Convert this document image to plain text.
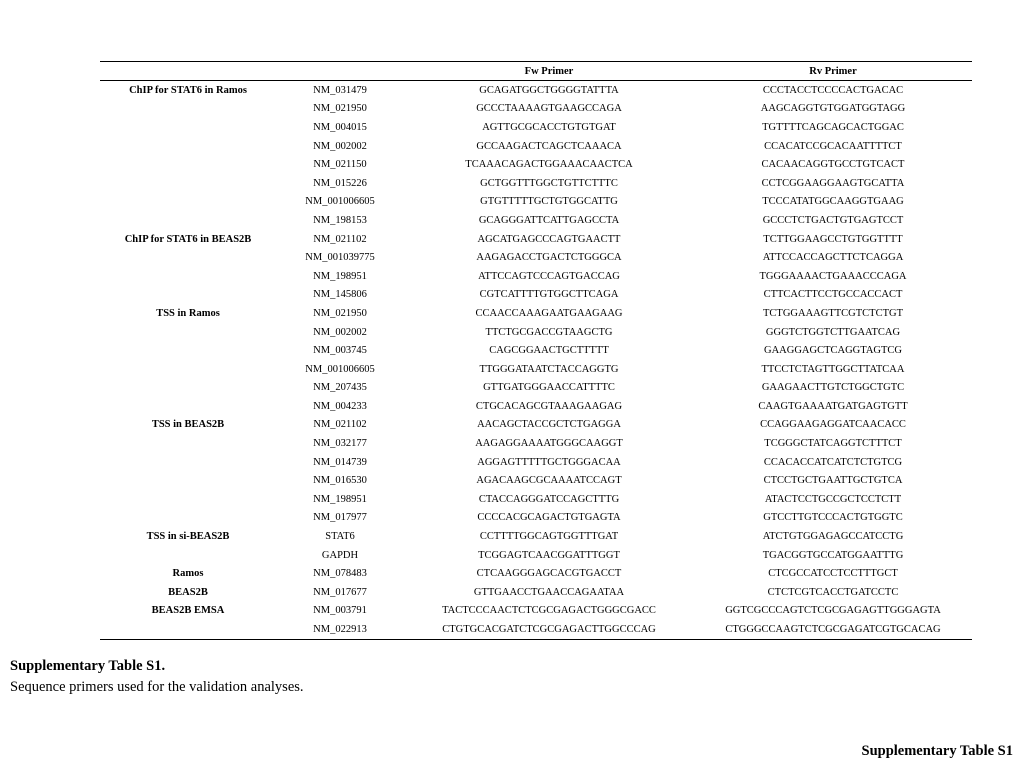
		Fw Primer	Rv Primer
ChIP for STAT6 in Ramos	NM_031479	GCAGATGGCTGGGGTATTTA	CCCTACCTCCCCACTGACAC
	NM_021950	GCCCTAAAAGTGAAGCCAGA	AAGCAGGTGTGGATGGTAGG
	NM_004015	AGTTGCGCACCTGTGTGAT	TGTTTTCAGCAGCACTGGAC
	NM_002002	GCCAAGACTCAGCTCAAACA	CCACATCCGCACAATTTTCT
	NM_021150	TCAAACAGACTGGAAACAACTCA	CACAACAGGTGCCTGTCACT
	NM_015226	GCTGGTTTGGCTGTTCTTTC	CCTCGGAAGGAAGTGCATTA
	NM_001006605	GTGTTTTTGCTGTGGCATTG	TCCCATATGGCAAGGTGAAG
	NM_198153	GCAGGGATTCATTGAGCCTA	GCCCTCTGACTGTGAGTCCT
ChIP for STAT6 in BEAS2B	NM_021102	AGCATGAGCCCAGTGAACTT	TCTTGGAAGCCTGTGGTTTT
	NM_001039775	AAGAGACCTGACTCTGGGCA	ATTCCACCAGCTTCTCAGGA
	NM_198951	ATTCCAGTCCCAGTGACCAG	TGGGAAAACTGAAACCCAGA
	NM_145806	CGTCATTTTGTGGCTTCAGA	CTTCACTTCCTGCCACCACT
TSS in Ramos	NM_021950	CCAACCAAAGAATGAAGAAG	TCTGGAAAGTTCGTCTCTGT
	NM_002002	TTCTGCGACCGTAAGCTG	GGGTCTGGTCTTGAATCAG
	NM_003745	CAGCGGAACTGCTTTTT	GAAGGAGCTCAGGTAGTCG
	NM_001006605	TTGGGATAATCTACCAGGTG	TTCCTCTAGTTGGCTTATCAA
	NM_207435	GTTGATGGGAACCATTTTC	GAAGAACTTGTCTGGCTGTC
	NM_004233	CTGCACAGCGTAAAGAAGAG	CAAGTGAAAATGATGAGTGTT
TSS in BEAS2B	NM_021102	AACAGCTACCGCTCTGAGGA	CCAGGAAGAGGATCAACACC
	NM_032177	AAGAGGAAAATGGGCAAGGT	TCGGGCTATCAGGTCTTTCT
	NM_014739	AGGAGTTTTTGCTGGGACAA	CCACACCATCATCTCTGTCG
	NM_016530	AGACAAGCGCAAAATCCAGT	CTCCTGCTGAATTGCTGTCA
	NM_198951	CTACCAGGGATCCAGCTTTG	ATACTCCTGCCGCTCCTCTT
	NM_017977	CCCCACGCAGACTGTGAGTA	GTCCTTGTCCCACTGTGGTC
TSS in si-BEAS2B	STAT6	CCTTTTGGCAGTGGTTTGAT	ATCTGTGGAGAGCCATCCTG
	GAPDH	TCGGAGTCAACGGATTTGGT	TGACGGTGCCATGGAATTTG
Ramos	NM_078483	CTCAAGGGAGCACGTGACCT	CTCGCCATCCTCCTTTGCT
BEAS2B	NM_017677	GTTGAACCTGAACCAGAATAA	CTCTCGTCACCTGATCCTC
BEAS2B EMSA	NM_003791	TACTCCCAACTCTCGCGAGACTGGGCGACC	GGTCGCCCAGTCTCGCGAGAGTTGGGAGTA
	NM_022913	CTGTGCACGATCTCGCGAGACTTGGCCCAG	CTGGGCCAAGTCTCGCGAGATCGTGCACAG
Supplementary Table S1.
Sequence primers used for the validation analyses.
Supplementary Table S1
